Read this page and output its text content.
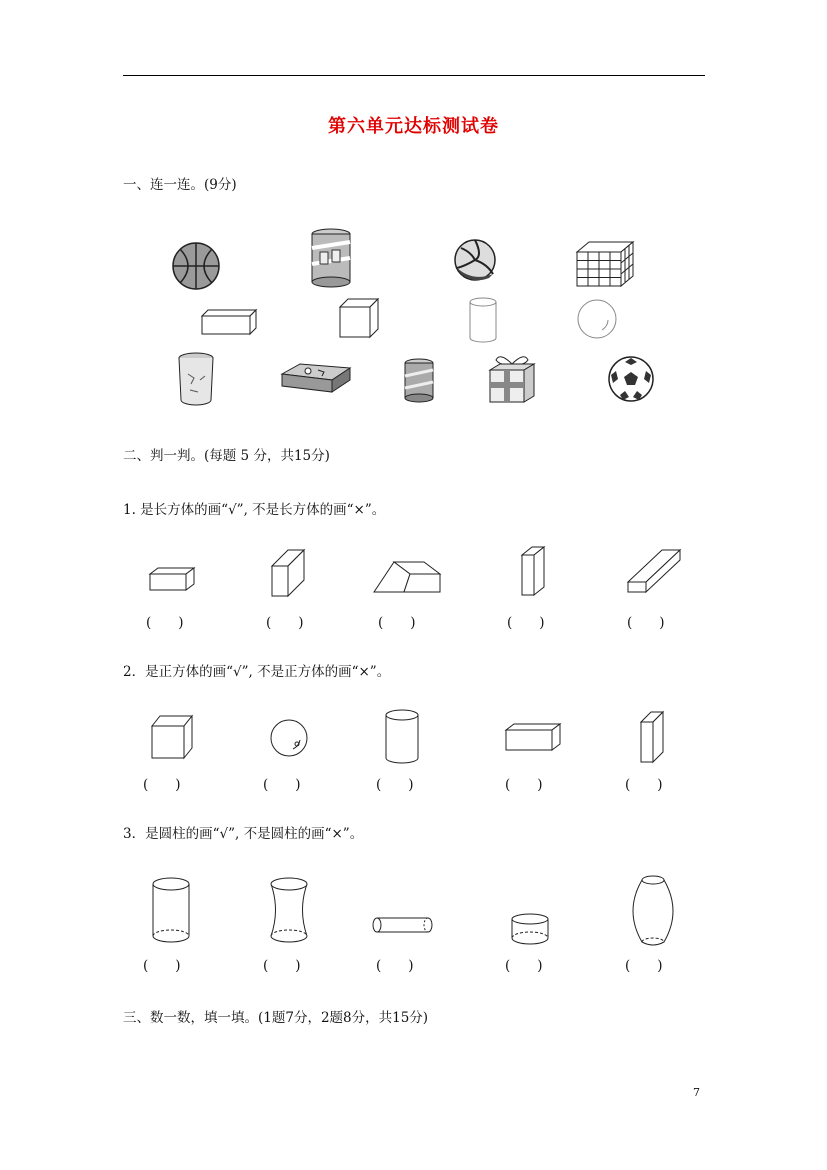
第六单元达标测试卷
一、连一连。(9分)
二、判一判。(每题 5 分，共15分)
1. 是长方体的画“√”, 不是长方体的画“×”。
(　　)	(　　)	(　　)	(　　)	(　　)
2．是正方体的画“√”, 不是正方体的画“×”。
(　　)	(　　)	(　　)	(　　)	(　　)
3．是圆柱的画“√”, 不是圆柱的画“×”。
(　　)	(　　)	(　　)	(　　)	(　　)
三、数一数，填一填。(1题7分，2题8分，共15分)
7
